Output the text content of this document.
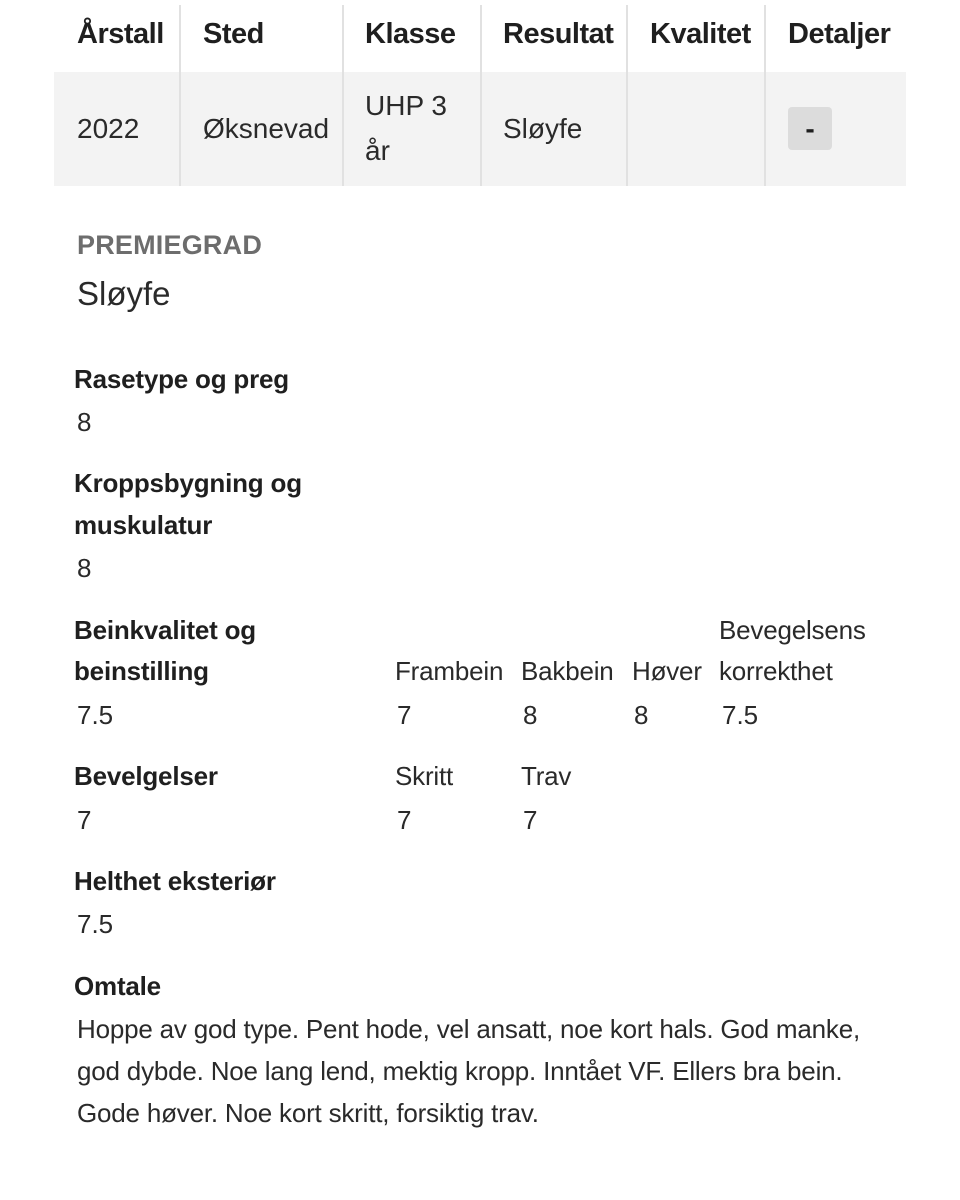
Årstall Sted	Klasse Resultat Kvalitet Detaljer
2022 Øksnevad
UHP 3
år
Sløyfe	-
PREMIEGRAD
Sløyfe
Rasetype og preg
8
Kroppsbygning og
muskulatur
8
Beinkvalitet og
beinstilling
7.5
Frambein
7
Bakbein
8
Høver
8
Bevegelsens
korrekthet
7.5
Bevelgelser
7
Skritt
7
Trav
7
Helthet eksteriør
7.5
Omtale
Hoppe av god type. Pent hode, vel ansatt, noe kort hals. God manke,
god dybde. Noe lang lend, mektig kropp. Inntået VF. Ellers bra bein.
Gode høver. Noe kort skritt, forsiktig trav.
